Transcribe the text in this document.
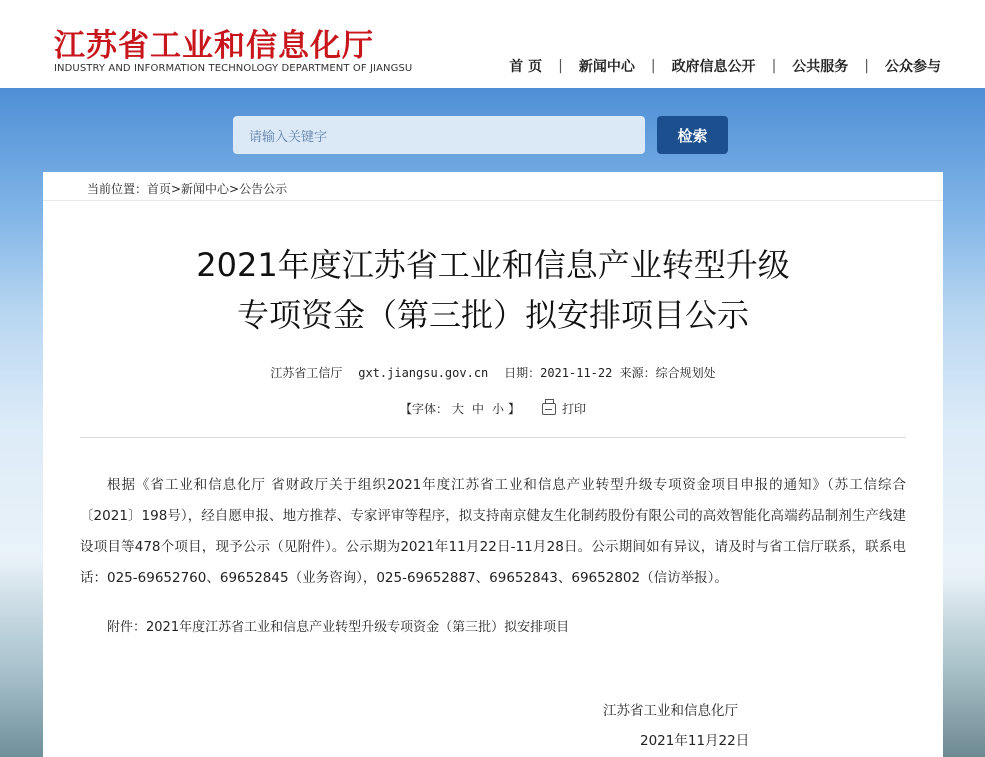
江苏省工业和信息化厅
INDUSTRY AND INFORMATION TECHNOLOGY DEPARTMENT OF JIANGSU	首 页 | 新闻中心 | 政府信息公开 | 公共服务 | 公众参与
请输入关键字	检索
当前位置：首页>新闻中心>公告公示
2021年度江苏省工业和信息产业转型升级
专项资金（第三批）拟安排项目公示
江苏省工信厅 gxt.jiangsu.gov.cn 日期：2021-11-22 来源：综合规划处
【字体： 大 中 小 】	打印
根据《省工业和信息化厅 省财政厅关于组织2021年度江苏省工业和信息产业转型升级专项资金项目申报的通知》（苏工信综合〔2021〕198号），经自愿申报、地方推荐、专家评审等程序，拟支持南京健友生化制药股份有限公司的高效智能化高端药品制剂生产线建设项目等478个项目，现予公示（见附件）。公示期为2021年11月22日-11月28日。公示期间如有异议，请及时与省工信厅联系，联系电话：025-69652760、69652845（业务咨询），025-69652887、69652843、69652802（信访举报）。
附件：2021年度江苏省工业和信息产业转型升级专项资金（第三批）拟安排项目
江苏省工业和信息化厅
2021年11月22日
